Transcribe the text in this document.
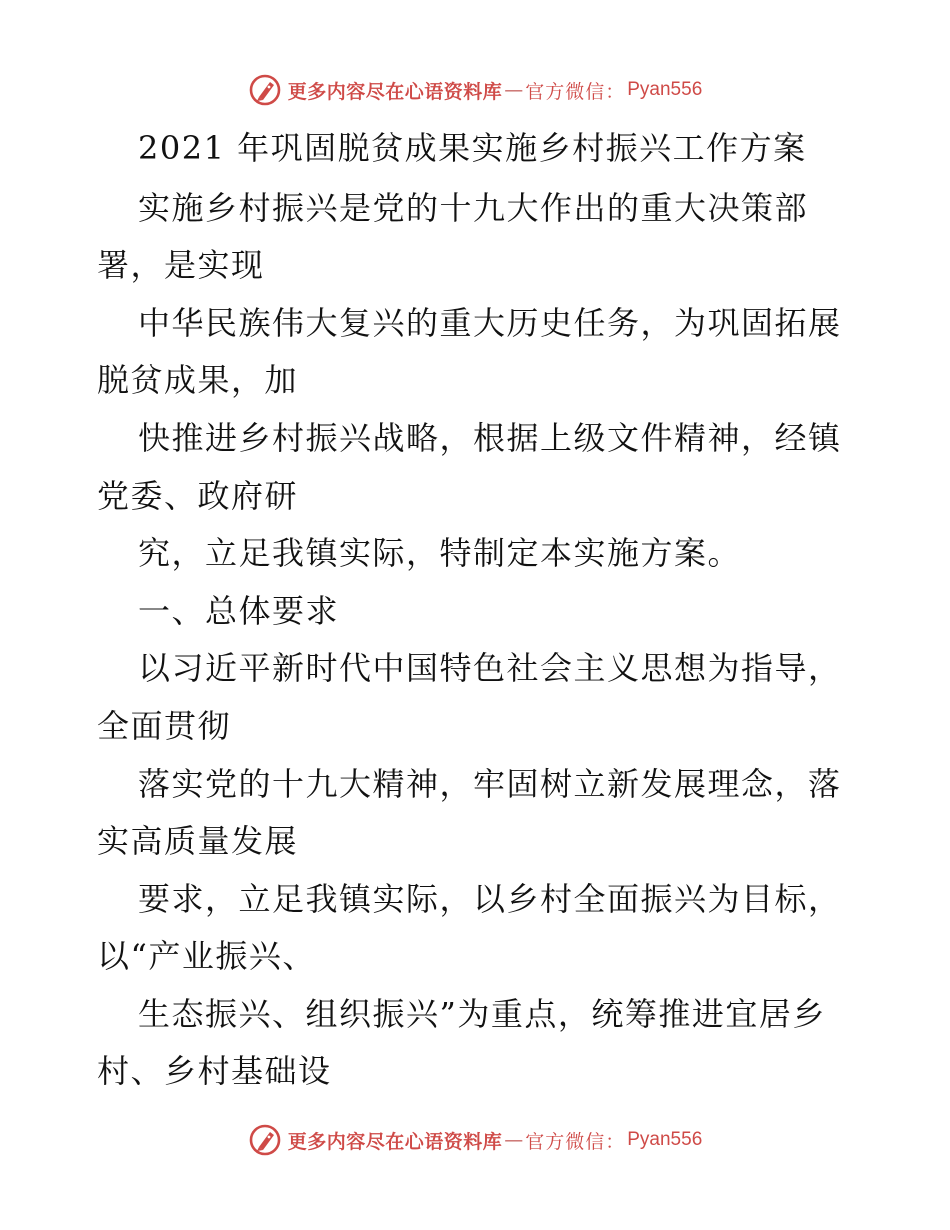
更多内容尽在心语资料库 — 官方微信： Pyan556
2021 年巩固脱贫成果实施乡村振兴工作方案
实施乡村振兴是党的十九大作出的重大决策部
署，是实现
中华民族伟大复兴的重大历史任务，为巩固拓展
脱贫成果，加
快推进乡村振兴战略，根据上级文件精神，经镇
党委、政府研
究，立足我镇实际，特制定本实施方案。
一、总体要求
以习近平新时代中国特色社会主义思想为指导，
全面贯彻
落实党的十九大精神，牢固树立新发展理念，落
实高质量发展
要求，立足我镇实际，以乡村全面振兴为目标，
以“产业振兴、
生态振兴、组织振兴”为重点，统筹推进宜居乡
村、乡村基础设
更多内容尽在心语资料库 — 官方微信： Pyan556
